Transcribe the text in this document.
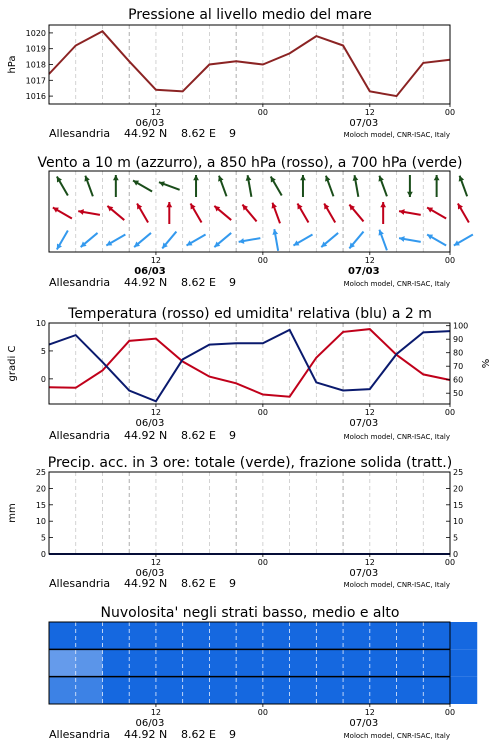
Pressione al livello medio del mare
1016
1017
1018
1019
1020
hPa
12	00	12	00
06/03	07/03
Allesandria 44.92 N 8.62 E 9	Moloch model, CNR-ISAC, Italy
Vento a 10 m (azzurro), a 850 hPa (rosso), a 700 hPa (verde)
12	00	12	00
06/03	07/03
Allesandria 44.92 N 8.62 E 9	Moloch model, CNR-ISAC, Italy
Temperatura (rosso) ed umidita' relativa (blu) a 2 m
0
5
10
50
60
70
80
90
100
gradi C	%
12	00	12	00
06/03	07/03
Allesandria 44.92 N 8.62 E 9	Moloch model, CNR-ISAC, Italy
Precip. acc. in 3 ore: totale (verde), frazione solida (tratt.)
0
5
10
15
20
25
0
5
10
15
20
25
mm
12	00	12	00
06/03	07/03
Allesandria 44.92 N 8.62 E 9	Moloch model, CNR-ISAC, Italy
Nuvolosita' negli strati basso, medio e alto
12	00	12	00
06/03	07/03
Allesandria 44.92 N 8.62 E 9	Moloch model, CNR-ISAC, Italy
